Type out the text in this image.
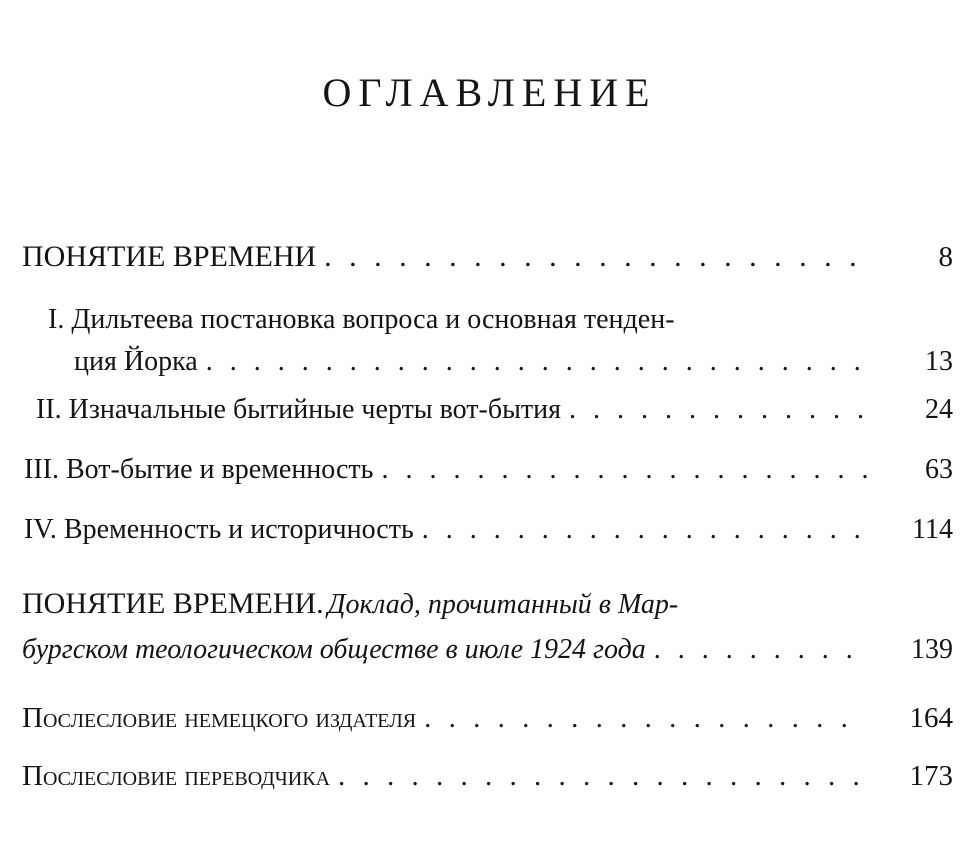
ОГЛАВЛЕНИЕ
ПОНЯТИЕ ВРЕМЕНИ . . .	8
I. Дильтеева постановка вопроса и основная тенден-
ция Йорка . . .	13
II. Изначальные бытийные черты вот-бытия . . .	24
III. Вот-бытие и временность . . .	63
IV. Временность и историчность . . .	114
ПОНЯТИЕ ВРЕМЕНИ. Доклад, прочитанный в Мар-
бургском теологическом обществе в июле 1924 года . . .	139
Послесловие немецкого издателя . . .	164
Послесловие переводчика . . .	173
